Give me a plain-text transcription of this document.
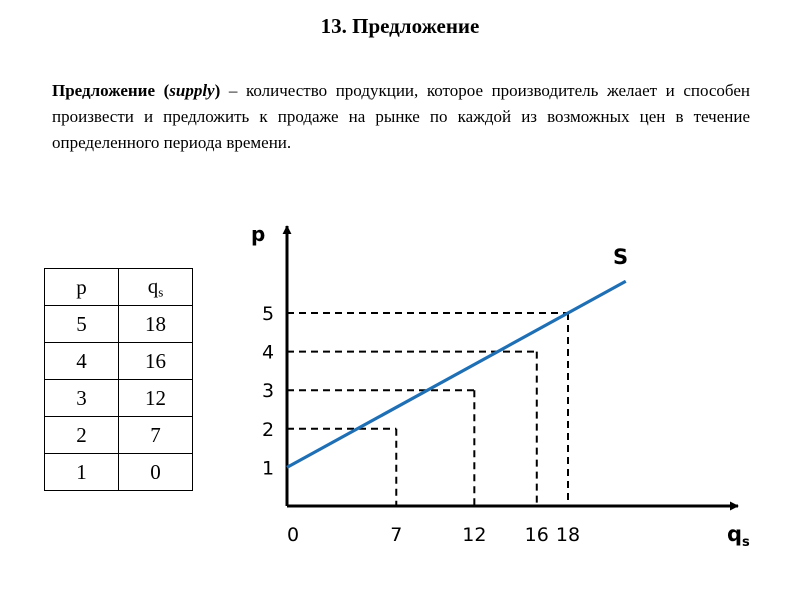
13. Предложение
Предложение (supply) – количество продукции, которое производитель желает и способен произвести и предложить к продаже на рынке по каждой из возможных цен в течение определенного периода времени.
p	$q_s$
5	18
4	16
3	12
2	7
1	0
S
p
$q_s$
0
1
2
3
4
5
7	12 16 18
